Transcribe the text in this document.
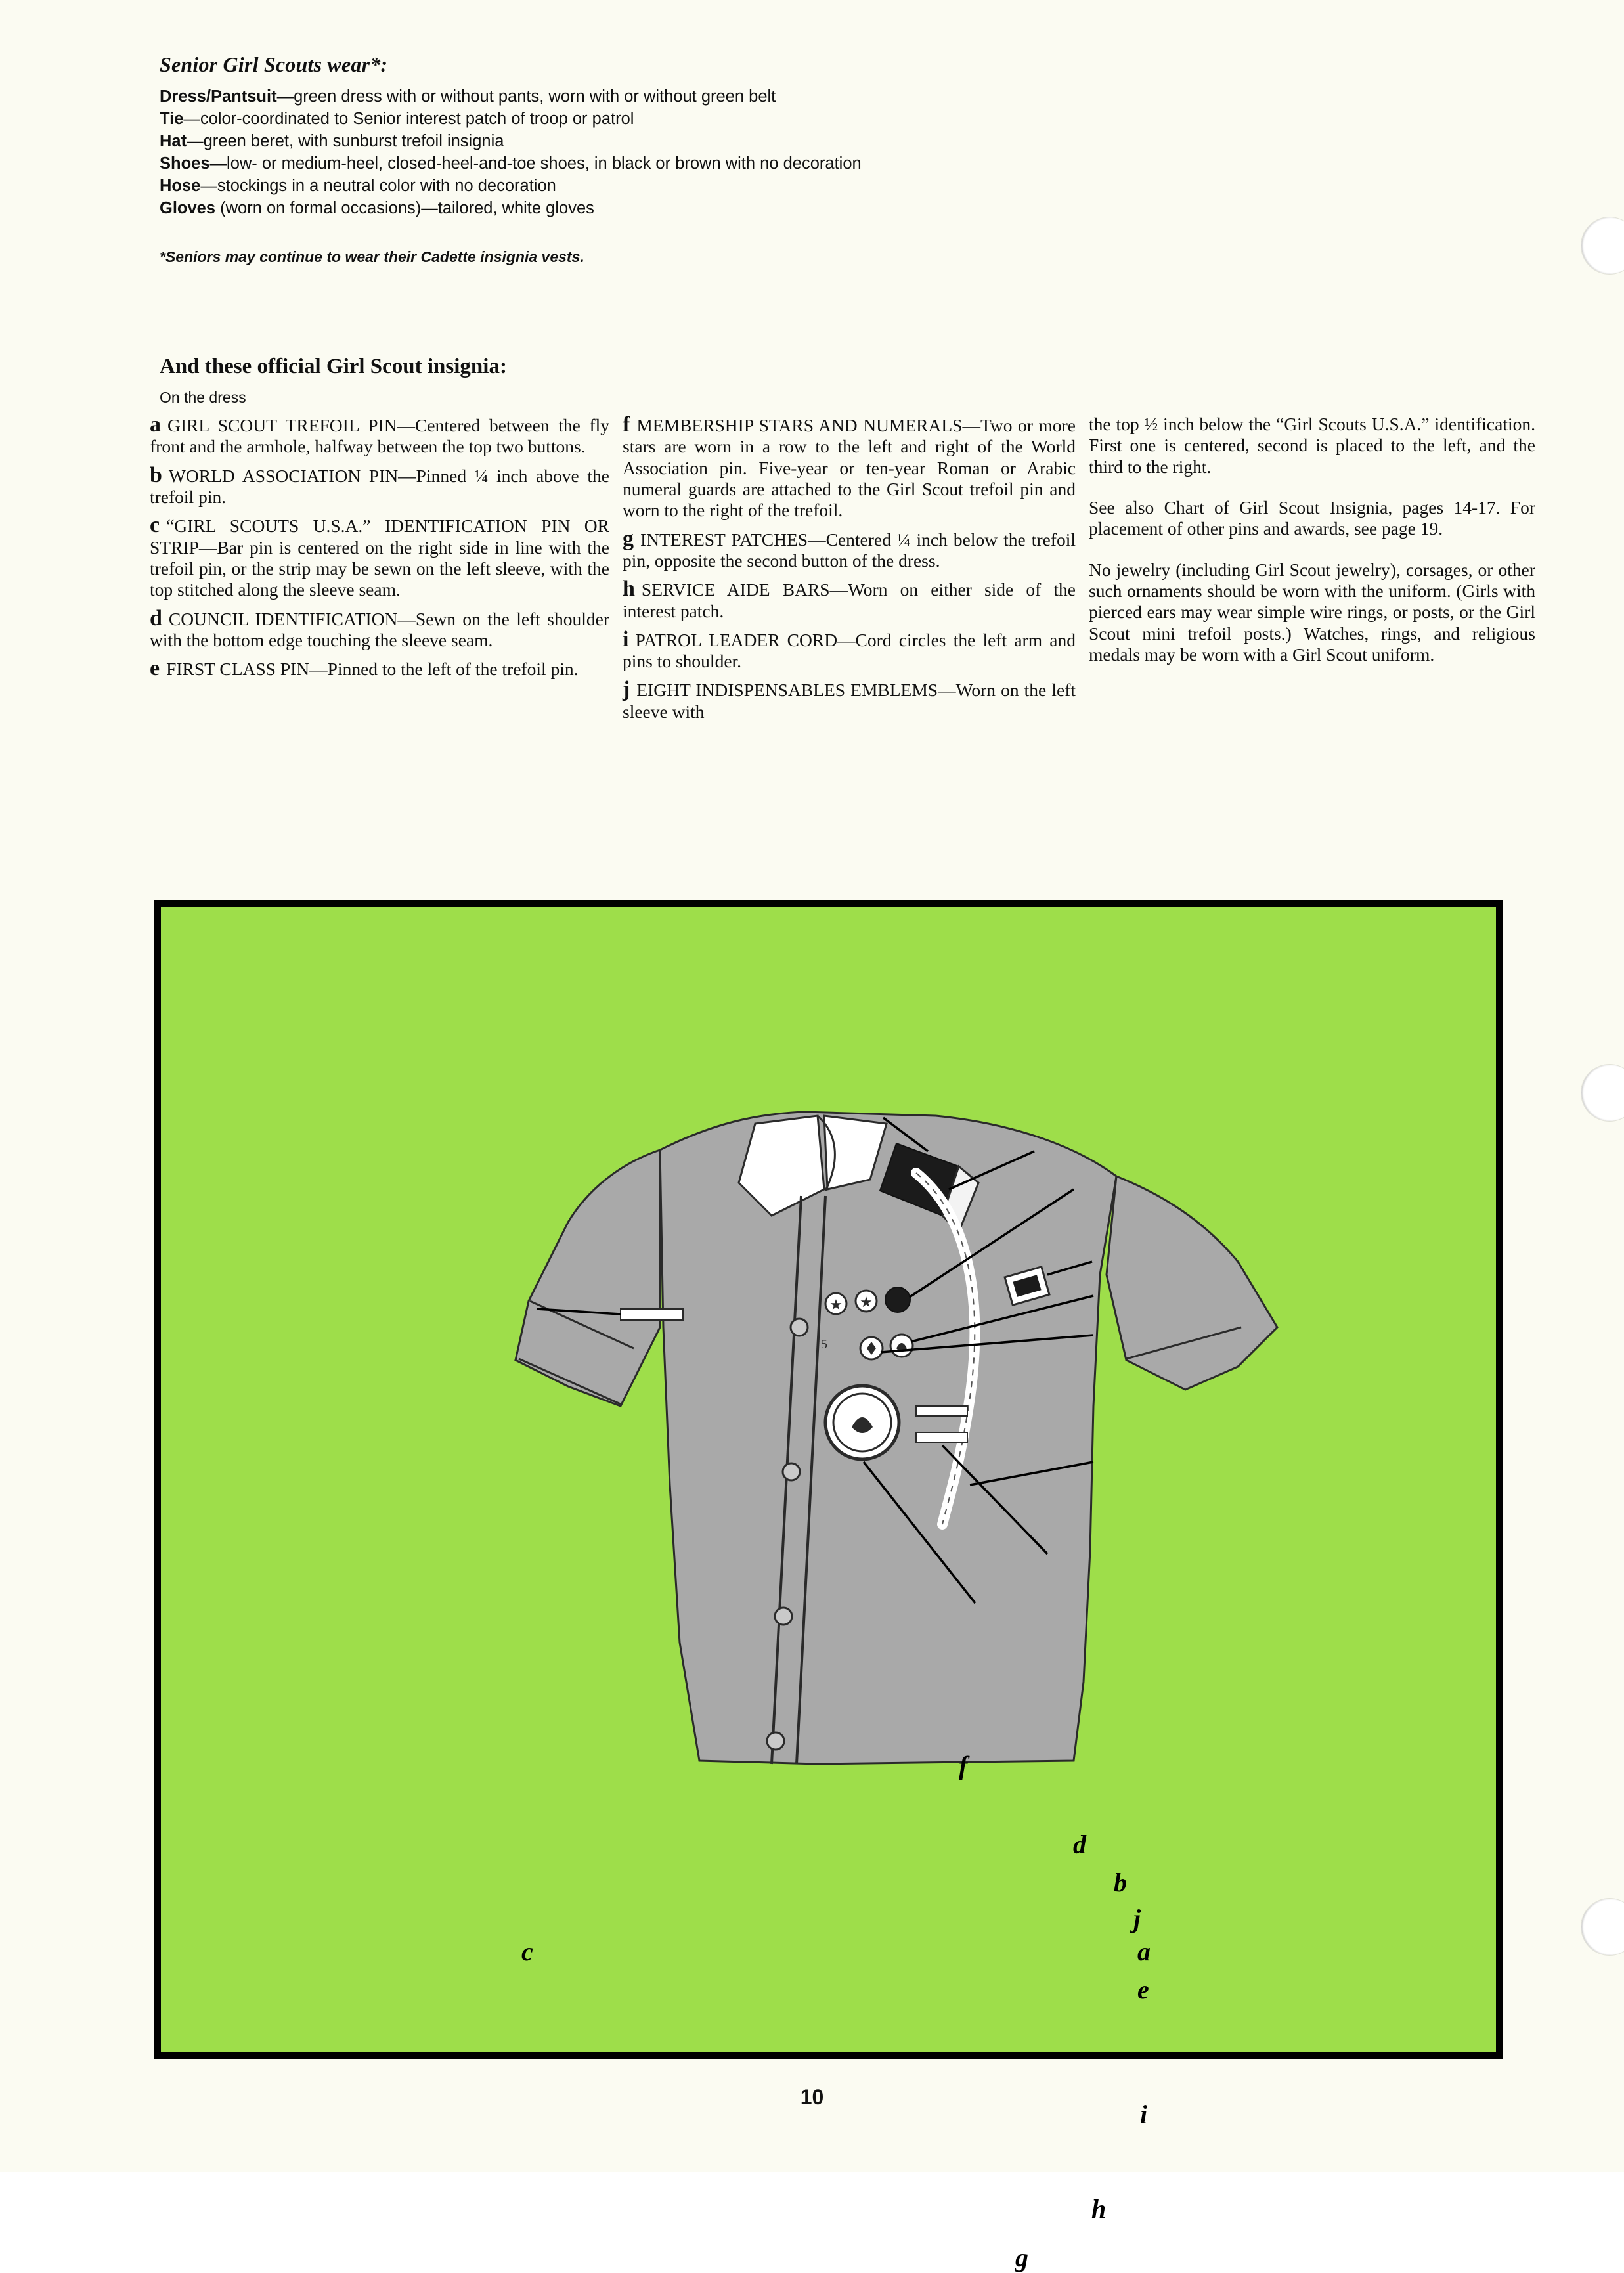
Senior Girl Scouts wear*:
Dress/Pantsuit—green dress with or without pants, worn with or without green belt
Tie—color-coordinated to Senior interest patch of troop or patrol
Hat—green beret, with sunburst trefoil insignia
Shoes—low- or medium-heel, closed-heel-and-toe shoes, in black or brown with no decoration
Hose—stockings in a neutral color with no decoration
Gloves (worn on formal occasions)—tailored, white gloves
*Seniors may continue to wear their Cadette insignia vests.
And these official Girl Scout insignia:
On the dress
a GIRL SCOUT TREFOIL PIN—Centered between the fly front and the armhole, halfway between the top two buttons.
b WORLD ASSOCIATION PIN—Pinned ¼ inch above the trefoil pin.
c “GIRL SCOUTS U.S.A.” IDENTIFICATION PIN OR STRIP—Bar pin is centered on the right side in line with the trefoil pin, or the strip may be sewn on the left sleeve, with the top stitched along the sleeve seam.
d COUNCIL IDENTIFICATION—Sewn on the left shoulder with the bottom edge touching the sleeve seam.
e FIRST CLASS PIN—Pinned to the left of the trefoil pin.
f MEMBERSHIP STARS AND NUMERALS—Two or more stars are worn in a row to the left and right of the World Association pin. Five-year or ten-year Roman or Arabic numeral guards are attached to the Girl Scout trefoil pin and worn to the right of the trefoil.
g INTEREST PATCHES—Centered ¼ inch below the trefoil pin, opposite the second button of the dress.
h SERVICE AIDE BARS—Worn on either side of the interest patch.
i PATROL LEADER CORD—Cord circles the left arm and pins to shoulder.
j EIGHT INDISPENSABLES EMBLEMS—Worn on the left sleeve with
the top ½ inch below the “Girl Scouts U.S.A.” identification. First one is centered, second is placed to the left, and the third to the right.
See also Chart of Girl Scout Insignia, pages 14-17. For placement of other pins and awards, see page 19.
No jewelry (including Girl Scout jewelry), corsages, or other such ornaments should be worn with the uniform. (Girls with pierced ears may wear simple wire rings, or posts, or the Girl Scout mini trefoil posts.) Watches, rings, and religious medals may be worn with a Girl Scout uniform.
★ ★
5
f
d
b
j
a
e
c
i
h
g
10
